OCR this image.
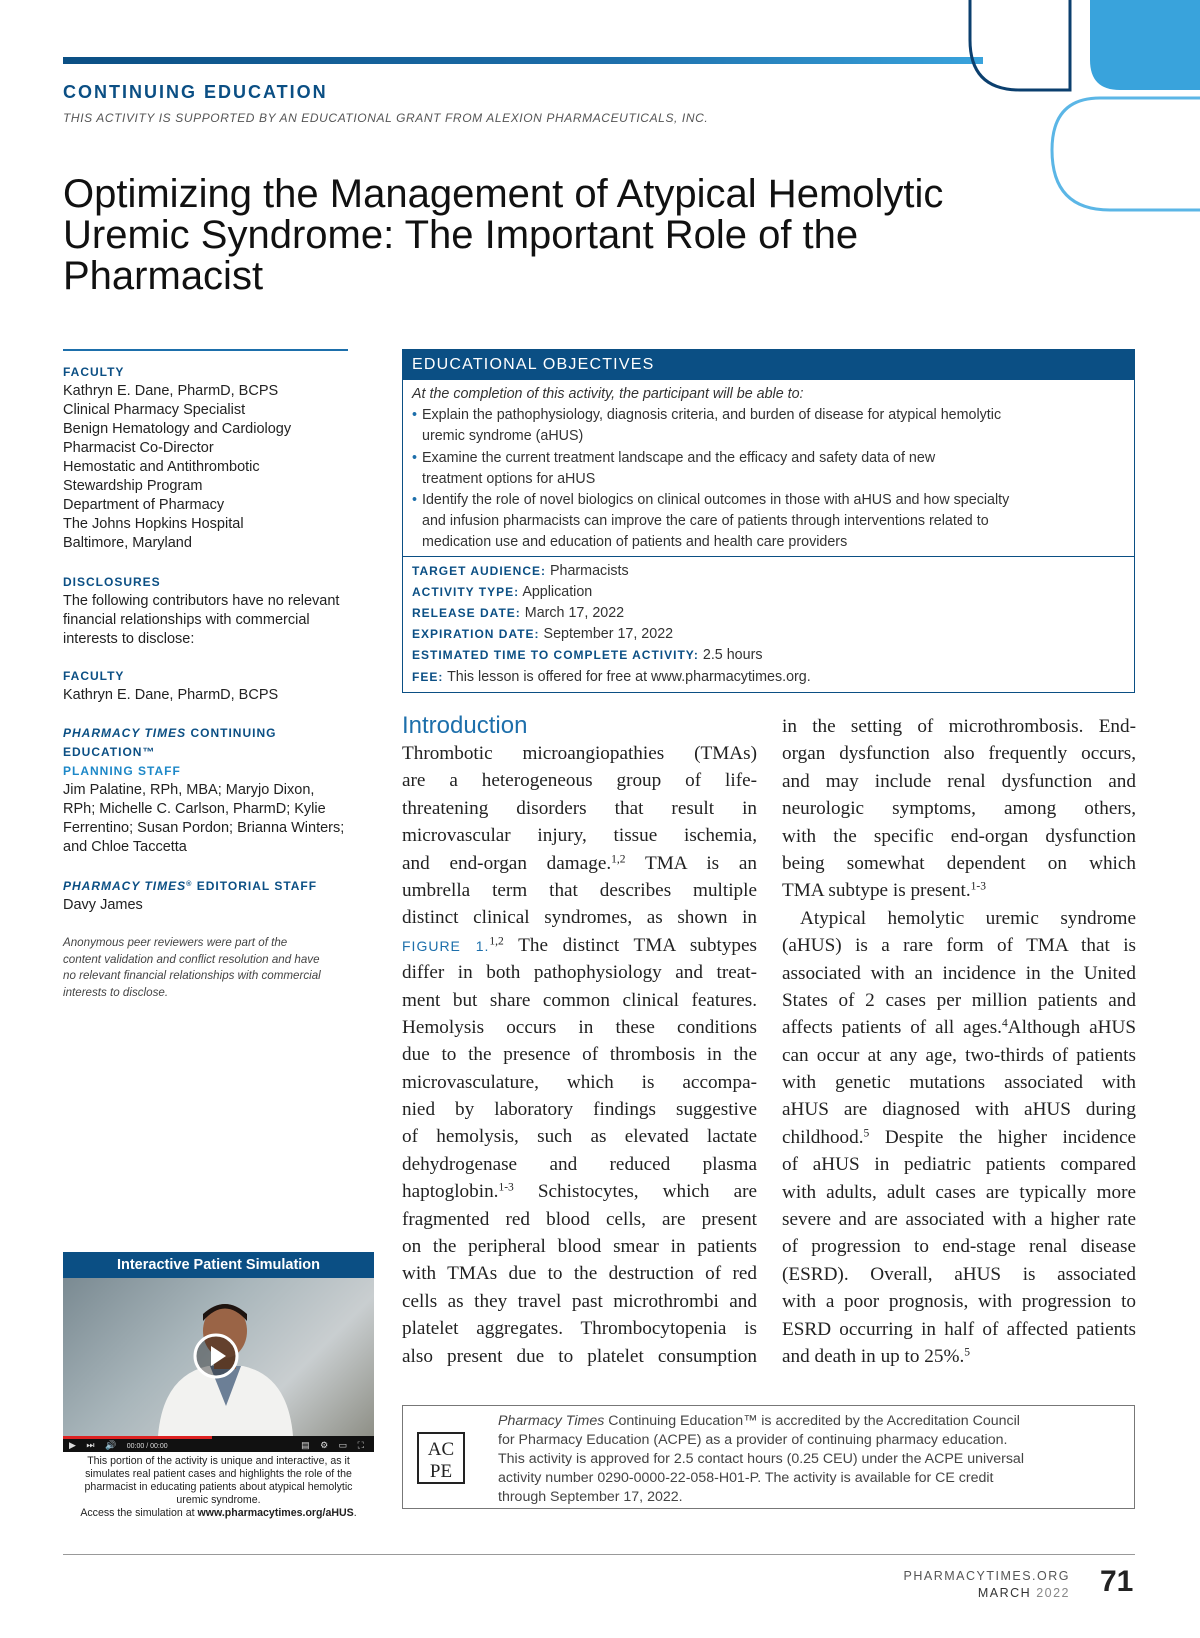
CONTINUING EDUCATION
THIS ACTIVITY IS SUPPORTED BY AN EDUCATIONAL GRANT FROM ALEXION PHARMACEUTICALS, INC.
Optimizing the Management of Atypical Hemolytic
Uremic Syndrome: The Important Role of the
Pharmacist
FACULTY
Kathryn E. Dane, PharmD, BCPS
Clinical Pharmacy Specialist
Benign Hematology and Cardiology
Pharmacist Co-Director
Hemostatic and Antithrombotic
Stewardship Program
Department of Pharmacy
The Johns Hopkins Hospital
Baltimore, Maryland
DISCLOSURES
The following contributors have no relevant
financial relationships with commercial
interests to disclose:
FACULTY
Kathryn E. Dane, PharmD, BCPS
PHARMACY TIMES CONTINUING
EDUCATION™
PLANNING STAFF
Jim Palatine, RPh, MBA; Maryjo Dixon,
RPh; Michelle C. Carlson, PharmD; Kylie
Ferrentino; Susan Pordon; Brianna Winters;
and Chloe Taccetta
PHARMACY TIMES® EDITORIAL STAFF
Davy James
Anonymous peer reviewers were part of the
content validation and conflict resolution and have
no relevant financial relationships with commercial
interests to disclose.
Interactive Patient Simulation
▶ ⏭ 🔊 00:00 / 00:00	▤ ⚙ ▭ ⛶
This portion of the activity is unique and interactive, as it
simulates real patient cases and highlights the role of the
pharmacist in educating patients about atypical hemolytic
uremic syndrome.
Access the simulation at www.pharmacytimes.org/aHUS.
EDUCATIONAL OBJECTIVES
At the completion of this activity, the participant will be able to:
• Explain the pathophysiology, diagnosis criteria, and burden of disease for atypical hemolytic
uremic syndrome (aHUS)
• Examine the current treatment landscape and the efficacy and safety data of new
treatment options for aHUS
• Identify the role of novel biologics on clinical outcomes in those with aHUS and how specialty
and infusion pharmacists can improve the care of patients through interventions related to
medication use and education of patients and health care providers
TARGET AUDIENCE: Pharmacists
ACTIVITY TYPE: Application
RELEASE DATE: March 17, 2022
EXPIRATION DATE: September 17, 2022
ESTIMATED TIME TO COMPLETE ACTIVITY: 2.5 hours
FEE: This lesson is offered for free at www.pharmacytimes.org.
Introduction
Thrombotic microangiopathies (TMAs)
are a heterogeneous group of life-
threatening disorders that result in
microvascular injury, tissue ischemia,
and end-organ damage.$^{1,2}$ TMA is an
umbrella term that describes multiple
distinct clinical syndromes, as shown in
FIGURE 1.$^{1,2}$ The distinct TMA subtypes
differ in both pathophysiology and treat-
ment but share common clinical features.
Hemolysis occurs in these conditions
due to the presence of thrombosis in the
microvasculature, which is accompa-
nied by laboratory findings suggestive
of hemolysis, such as elevated lactate
dehydrogenase and reduced plasma
haptoglobin.$^{1-3}$ Schistocytes, which are
fragmented red blood cells, are present
on the peripheral blood smear in patients
with TMAs due to the destruction of red
cells as they travel past microthrombi and
platelet aggregates. Thrombocytopenia is
also present due to platelet consumption
in the setting of microthrombosis. End-
organ dysfunction also frequently occurs,
and may include renal dysfunction and
neurologic symptoms, among others,
with the specific end-organ dysfunction
being somewhat dependent on which
TMA subtype is present.$^{1-3}$
Atypical hemolytic uremic syndrome
(aHUS) is a rare form of TMA that is
associated with an incidence in the United
States of 2 cases per million patients and
affects patients of all ages.$^4$Although aHUS
can occur at any age, two-thirds of patients
with genetic mutations associated with
aHUS are diagnosed with aHUS during
childhood.$^5$ Despite the higher incidence
of aHUS in pediatric patients compared
with adults, adult cases are typically more
severe and are associated with a higher rate
of progression to end-stage renal disease
(ESRD). Overall, aHUS is associated
with a poor prognosis, with progression to
ESRD occurring in half of affected patients
and death in up to 25%.$^5$
AC
PE
Pharmacy Times Continuing Education™ is accredited by the Accreditation Council
for Pharmacy Education (ACPE) as a provider of continuing pharmacy education.
This activity is approved for 2.5 contact hours (0.25 CEU) under the ACPE universal
activity number 0290-0000-22-058-H01-P. The activity is available for CE credit
through September 17, 2022.
PHARMACYTIMES.ORG
MARCH 2022 71
